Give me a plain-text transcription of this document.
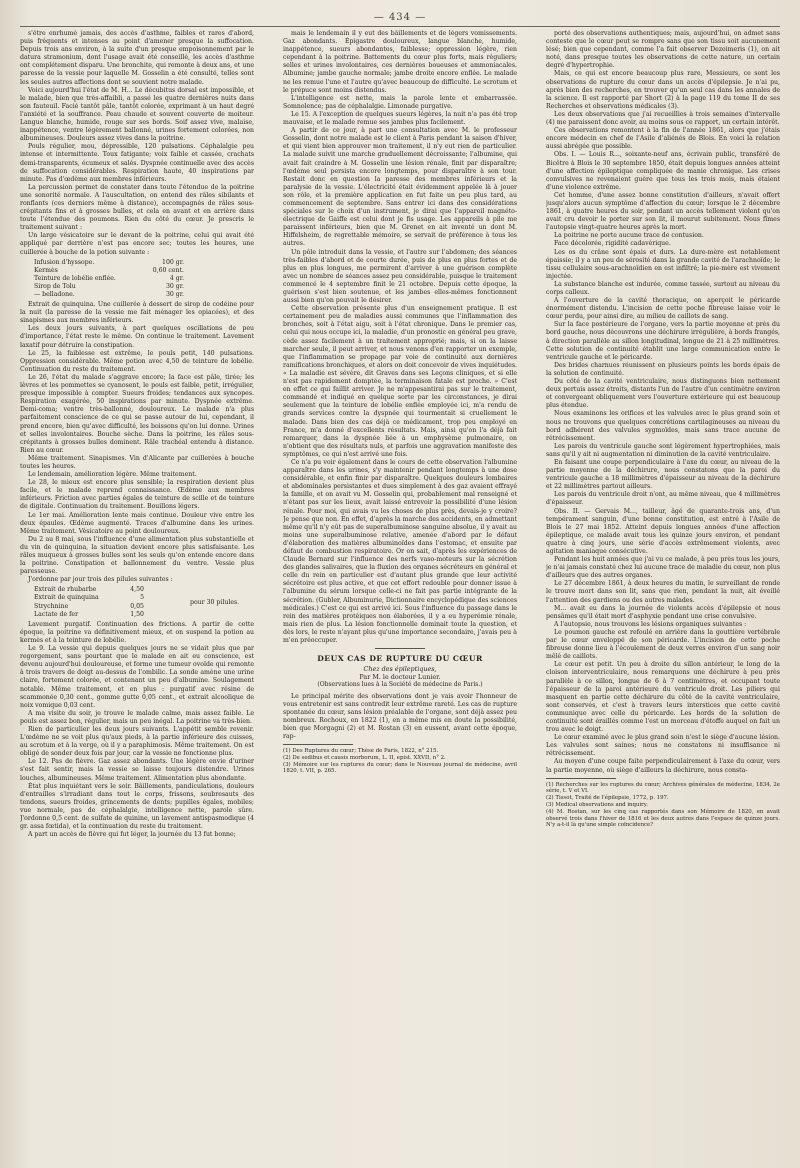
— 434 —

s'être enrhumé jamais, des accès d'asthme, faibles et rares d'abord, puis fréquents et intenses au point d'amener presque la suffocation. Depuis trois ans environ, à la suite d'un presque empoisonnement par le datura stramonium, dont l'usage avait été conseillé, les accès d'asthme ont complétement disparu. Une bronchite, qui remonte à deux ans, et une paresse de la vessie pour laquelle M. Gosselin a été consulté, telles sont les seules autres affections dont se souvient notre malade.

Voici aujourd'hui l'état de M. H... Le décubitus dorsal est impossible, et le malade, bien que très-affaibli, a passé les quatre dernières nuits dans son fauteuil. Facié tantôt pâle, tantôt colorée, exprimant à un haut degré l'anxiété et la souffrance. Peau chaude et souvent couverte de moiteur. Langue blanche, humide, rouge sur ses bords. Soif assez vive, malaise, inappétence, ventre légèrement ballonné, urines fortement colorées, non albumineuses. Douleurs assez vives dans la poitrine.

Pouls régulier, mou, dépressible, 120 pulsations. Céphalalgie peu intense et intermittente. Toux fatigante; voix faible et cassée, crachats demi-transparents, écumeux et salés. Dyspnée continuelle avec des accès de suffocation considérables. Respiration haute, 40 inspirations par minute. Pas d'œdème aux membres inférieurs.

La percussion permet de constater dans toute l'étendue de la poitrine une sonorité normale. A l'auscultation, on entend des râles sibilants et ronflants (ces derniers même à distance), accompagnés de râles sous-crépitants fins et à grosses bulles, et cela en avant et en arrière dans toute l'étendue des poumons. Rien du côté du cœur. Je prescris le traitement suivant :

Un large vésicatoire sur le devant de la poitrine, celui qui avait été appliqué par derrière n'est pas encore sec; toutes les heures, une cuillerée à bouche de la potion suivante :

Infusion d'hyssope.	100 gr.
Kermès	0,60 cent.
Teinture de lobélie enflée.	4 gr.
Sirop de Tolu	30 gr.
— belladone.	30 gr.

Extrait de quinquina. Une cuillerée à dessert de sirop de codéine pour la nuit (la paresse de la vessie me fait ménager les opiacées), et des sinapismes aux membres inférieurs.

Les deux jours suivants, à part quelques oscillations de peu d'importance, l'état reste le même. On continue le traitement. Lavement laxatif pour détruire la constipation.

Le 25, la faiblesse est extrême, le pouls petit, 140 pulsations. Oppression considérable. Même potion avec 4,50 de teinture de lobélie. Continuation du reste du traitement.

Le 26, l'état du malade s'aggrave encore; la face est pâle, tirée; les lèvres et les pommettes se cyanosent, le pouls est faible, petit, irrégulier, presque impossible à compter. Sueurs froides; tendances aux syncopes. Respiration exagérée, 50 inspirations par minute. Dyspnée extrême. Demi-coma; ventre très-ballonné, douloureux. Le malade n'a plus parfaitement conscience de ce qui se passe autour de lui, cependant, il prend encore, bien qu'avec difficulté, les boissons qu'on lui donne. Urines et selles involontaires. Bouche sèche. Dans la poitrine, les râles sous-crépitants à grosses bulles dominent. Râle trachéal entendu à distance. Rien au cœur.

Même traitement. Sinapismes. Vin d'Alicante par cuillerées à bouche toutes les heures.

Le lendemain, amélioration légère. Même traitement.

Le 28, le mieux est encore plus sensible; la respiration devient plus facile, et le malade reprend connaissance. Œdème aux membres inférieurs. Friction avec parties égales de teinture de scille et de teinture de digitale. Continuation du traitement. Bouillons légers.

Le 1er mai. Amélioration lente mais continue. Douleur vive entre les deux épaules. Œdème augmenté. Traces d'albumine dans les urines. Même traitement. Vésicatoire au point douloureux.

Du 2 au 8 mai, sous l'influence d'une alimentation plus substantielle et du vin de quinquina, la situation devient encore plus satisfaisante. Les râles muqueux à grosses bulles sont les seuls qu'on entende encore dans la poitrine. Constipation et ballonnement du ventre. Vessie plus paresseuse.

J'ordonne par jour trois des pilules suivantes :

Extrait de rhubarbe	4,50
Extrait de quinquina	5
Strychnine	0,05
Lactate de fer	1,50
pour 30 pilules.

Lavement purgatif. Continuation des frictions. A partir de cette époque, la poitrine va définitivement mieux, et on suspend la potion au kermès et à la teinture de lobélie.

Le 9. La vessie qui depuis quelques jours ne se vidait plus que par regorgement, sans pourtant que le malade en ait eu conscience, est devenu aujourd'hui douloureuse, et forme une tumeur ovoïde qui remonte à trois travers de doigt au-dessus de l'ombilic. La sonde amène une urine claire, fortement colorée, et contenant un peu d'albumine. Soulagement notable. Même traitement, et en plus : purgatif avec résine de scammonée 0,30 cent., gomme gutte 0,05 cent., et extrait alcoolique de noix vomique 0,03 cent.

A ma visite du soir, je trouve le malade calme, mais assez faible. Le pouls est assez bon, régulier, mais un peu inégal. La poitrine va très-bien.

Rien de particulier les deux jours suivants. L'appétit semble revenir. L'œdème ne se voit plus qu'aux pieds, à la partie inférieure des cuisses, au scrotum et à la verge, où il y a paraphimosis. Même traitement. On est obligé de sonder deux fois par jour, car la vessie ne fonctionne plus.

Le 12. Pas de fièvre. Gaz assez abondants. Une légère envie d'uriner s'est fait sentir, mais la vessie se laisse toujours distendre. Urines louches, albumineuses. Même traitement. Alimentation plus abondante.

État plus inquiétant vers le soir. Bâillements, pandiculations, douleurs d'entrailles s'irradiant dans tout le corps, frissons, soubresauts des tendons, sueurs froides, grincements de dents; pupilles égales, mobiles; vue normale, pas de céphalalgie, intelligence nette, parole sûre. J'ordonne 0,5 cent. de sulfate de quinine, un lavement antispasmodique (4 gr. assa fœtida), et la continuation du reste du traitement.

A part un accès de fièvre qui fut léger, la journée du 13 fut bonne;

mais le lendemain il y eut des bâillements et de légers vomissements. Gaz abondants. Épigastre douloureux, langue blanche, humide, inappétence, sueurs abondantes, faiblesse; oppression légère, rien cependant à la poitrine. Battements du cœur plus forts, mais réguliers; selles et urines involontaires, ces dernières boueuses et ammoniacales. Albumine; jambe gauche normale; jambe droite encore enflée. Le malade ne les remue l'une et l'autre qu'avec beaucoup de difficulté. Le scrotum et le prépuce sont moins distendus.

L'intelligence est nette, mais la parole lente et embarrassée. Somnolence; pas de céphalalgie. Limonade purgative.

Le 15. A l'exception de quelques sueurs légères, la nuit n'a pas été trop mauvaise, et le malade remue ses jambes plus facilement.

A partir de ce jour, à part une consultation avec M. le professeur Gosselin, dont notre malade est le client à Paris pendant la saison d'hiver, et qui vient bien approuver mon traitement, il n'y eut rien de particulier. La malade suivit une marche graduellement décroissante; l'albumine, qui avait fait craindre à M. Gosselin une lésion rénale, finit par disparaître; l'œdème seul persista encore longtemps, pour disparaître à son tour. Restait donc en question la paresse des membres inférieurs et la paralysie de la vessie. L'électricité était évidemment appelée là à jouer son rôle, et la première application en fut faite un peu plus tard, au commencement de septembre. Sans entrer ici dans des considérations spéciales sur le choix d'un instrument, je dirai que l'appareil magnéto-électrique de Gaiffe est celui dont je fis usage. Les appareils à pile me paraissent inférieurs, bien que M. Grenet en ait inventé un dont M. Hiffelsheim, de regrettable mémoire, se servait de préférence à tous les autres.

Un pôle introduit dans la vessie, et l'autre sur l'abdomen; des séances très-faibles d'abord et de courte durée, puis de plus en plus fortes et de plus en plus longues, me permirent d'arriver à une guérison complète avec un nombre de séances assez peu considérable, puisque le traitement commencé le 4 septembre finit le 21 octobre. Depuis cette époque, la guérison s'est bien soutenue, et les jambes elles-mêmes fonctionnent aussi bien qu'on pouvait le désirer.

Cette observation présente plus d'un enseignement pratique. Il est certainement peu de maladies aussi communes que l'inflammation des bronches, soit à l'état aigu, soit à l'état chronique. Dans le premier cas, celui qui nous occupe ici, la maladie, d'un pronostic en général peu grave, cède assez facilement à un traitement approprié; mais, si on la laisse marcher seule, il peut arriver, et nous venons d'en rapporter un exemple, que l'inflammation se propage par voie de continuité aux dernières ramifications bronchiques, et alors on doit concevoir de vives inquiétudes. « La maladie est sévère, dit Graves dans ses Leçons cliniques, et si elle n'est pas rapidement domptée, la terminaison fatale est proche. » C'est en effet ce qui faillit arriver. Je ne m'appesantirai pas sur le traitement, commandé et indiqué en quelque sorte par les circonstances, je dirai seulement que la teinture de lobélie enflée employée ici, m'a rendu de grands services contre la dyspnée qui tourmentait si cruellement le malade. Dans bien des cas déjà ce médicament, trop peu employé en France, m'a donné d'excellents résultats. Mais, ainsi qu'on l'a déjà fait remarquer, dans la dyspnée liée à un emphysème pulmonaire, on n'obtient que des résultats nuls, et parfois une aggravation manifeste des symptômes, ce qui n'est arrivé une fois.

Ce n'a pu voir également dans le cours de cette observation l'albumine apparaître dans les urines, s'y maintenir pendant longtemps à une dose considérable, et enfin finir par disparaître. Quelques douleurs lombaires et abdominales persistantes et dues simplement à des gaz avaient effrayé la famille, et on avait vu M. Gosselin qui, probablement mal renseigné et n'étant pas sur les lieux, avait laissé entrevoir la possibilité d'une lésion rénale. Pour moi, qui avais vu les choses de plus près, devais-je y croire? Je pense que non. En effet, d'après la marche des accidents, en admettant même qu'il n'y eût pas de superalbuminose sanguine absolue, il y avait au moins une superalbuminose relative, amenée d'abord par le défaut d'élaboration des matières albuminoïdes dans l'estomac, et ensuite par défaut de combustion respiratoire. Or on sait, d'après les expériences de Claude Bernard sur l'influence des nerfs vaso-moteurs sur la sécrétion des glandes salivaires, que la fluxion des organes sécréteurs en général et celle du rein en particulier est d'autant plus grande que leur activité sécrétoire est plus active, et que cet effort redouble pour donner issue à l'albumine du sérum lorsque celle-ci ne fait pas partie intégrante de la sécrétion. (Gubler, Albuminurie, Dictionnaire encyclopédique des sciences médicales.) C'est ce qui est arrivé ici. Sous l'influence du passage dans le rein des matières protéiques non élaborées, il y a eu hyperémie rénale, mais rien de plus. La lésion fonctionnelle dominait toute la question, et dès lors, le reste n'ayant plus qu'une importance secondaire, j'avais peu à m'en préoccuper.

DEUX CAS DE RUPTURE DU CŒUR
Chez des épileptiques,
Par M. le docteur Lunier.
(Observations lues à la Société de médecine de Paris.)

Le principal mérite des observations dont je vais avoir l'honneur de vous entretenir est sans contredit leur extrême rareté. Les cas de rupture spontanée du cœur, sans lésion préalable de l'organe, sont déjà assez peu nombreux. Rochoux, en 1822 (1), en a même mis en doute la possibilité, bien que Morgagni (2) et M. Rostan (3) en eussent, avant cette époque, rap-

(1) Des Ruptures du cœur; Thèse de Paris, 1822, n° 215.

(2) De sedibus et causis morborum, L. II, epist. XXVII, n° 2.

(3) Mémoire sur les ruptures du cœur; dans le Nouveau journal de médecine, avril 1820, t. VII, p. 265.

porté des observations authentiques; mais, aujourd'hui, on admet sans conteste que le cœur peut se rompre sans que son tissu soit aucunement lésé; bien que cependant, comme l'a fait observer Dezeimeris (1), on ait noté, dans presque toutes les observations de cette nature, un certain degré d'hypertrophie.

Mais, ce qui est encore beaucoup plus rare, Messieurs, ce sont les observations de rupture du cœur dans un accès d'épilepsie. Je n'ai pu, après bien des recherches, en trouver qu'un seul cas dans les annales de la science. Il est rapporté par Short (2) à la page 119 du tome II de ses Recherches et observations médicales (3).

Les deux observations que j'ai recueillies à trois semaines d'intervalle (4) me paraissent donc avoir, au moins sous ce rapport, un certain intérêt.

Ces observations remontent à la fin de l'année 1861, alors que j'étais encore médecin en chef de l'Asile d'aliénés de Blois. En voici la relation aussi abrégée que possible.

Obs. I. — Louis R..., soixante-neuf ans, écrivain public, transféré de Bicêtre à Blois le 30 septembre 1850, était depuis longues années atteint d'une affection épileptique compliquée de manie chronique. Les crises convulsives ne revenaient guère que tous les trois mois, mais étaient d'une violence extrême.

Cet homme, d'une assez bonne constitution d'ailleurs, n'avait offert jusqu'alors aucun symptôme d'affection du cœur; lorsque le 2 décembre 1861, à quatre heures du soir, pendant un accès tellement violent qu'on avait cru devoir le porter sur son lit, il mourut subitement. Nous fîmes l'autopsie vingt-quatre heures après la mort.

La poitrine ne porte aucune trace de contusion.

Face décolorée, rigidité cadavérique.

Les os du crâne sont épais et durs. La dure-mère est notablement épaissie; il y a un peu de sérosité dans la grande cavité de l'arachnoïde; le tissu cellulaire sous-arachnoïdien en est infiltré; la pie-mère est vivement injectée.

La substance blanche est indurée, comme tassée, surtout au niveau du corps calleux.

A l'ouverture de la cavité thoracique, on aperçoit le péricarde énormément distendu. L'incision de cette poche fibreuse laisse voir le cœur perdu, pour ainsi dire, au milieu de caillots de sang.

Sur la face postérieure de l'organe, vers la partie moyenne et près du bord gauche, nous découvrons une déchirure irrégulière, à bords frangés, à direction parallèle au sillon longitudinal, longue de 21 à 25 millimètres. Cette solution de continuité établit une large communication entre le ventricule gauche et le péricarde.

Des brides charnues réunissent en plusieurs points les bords épais de la solution de continuité.

Du côté de la cavité ventriculaire, nous distinguons bien nettement deux pertuis assez étroits, distants l'un de l'autre d'un centimètre environ et convergeant obliquement vers l'ouverture extérieure qui est beaucoup plus étendue.

Nous examinons les orifices et les valvules avec le plus grand soin et nous ne trouvons que quelques concrétions cartilagineuses au niveau du bord adhérent des valvules sygmoïdes, mais sans trace aucune de rétrécissement.

Les parois du ventricule gauche sont légèrement hypertrophiées, mais sans qu'il y ait ni augmentation ni diminution de la cavité ventriculaire.

En faisant une coupe perpendiculaire à l'axe du cœur, au niveau de la partie moyenne de la déchirure, nous constatons que la paroi du ventricule gauche a 18 millimètres d'épaisseur au niveau de la déchirure et 22 millimètres partout ailleurs.

Les parois du ventricule droit n'ont, au même niveau, que 4 millimètres d'épaisseur.

Obs. II. — Gervais M..., tailleur, âgé de quarante-trois ans, d'un tempérament sanguin, d'une bonne constitution, est entré à l'Asile de Blois le 27 mai 1852. Atteint depuis longues années d'une affection épileptique, ce malade avait tous les quinze jours environ, et pendant quatre à cinq jours, une série d'accès extrêmement violents, avec agitation maniaque consécutive.

Pendant les huit années que j'ai vu ce malade, à peu près tous les jours, je n'ai jamais constaté chez lui aucune trace de maladie du cœur, non plus d'ailleurs que des autres organes.

Le 27 décembre 1861, à deux heures du matin, le surveillant de ronde le trouve mort dans son lit, sans que rien, pendant la nuit, ait éveillé l'attention des gardiens ou des autres malades.

M... avait eu dans la journée de violents accès d'épilepsie et nous pensâmes qu'il était mort d'asphyxie pendant une crise convulsive.

A l'autopsie, nous trouvons les lésions organiques suivantes :

Le poumon gauche est refoulé en arrière dans la gouttière vertébrale par le cœur enveloppé de son péricarde. L'incision de cette poche fibreuse donne lieu à l'écoulement de deux verres environ d'un sang noir mêlé de caillots.

Le cœur est petit. Un peu à droite du sillon antérieur, le long de la cloison interventriculaire, nous remarquons une déchirure à peu près parallèle à ce sillon, longue de 6 à 7 centimètres, et occupant toute l'épaisseur de la paroi antérieure du ventricule droit. Les piliers qui masquent en partie cette déchirure du côté de la cavité ventriculaire, sont conservés, et c'est à travers leurs interstices que cette cavité communique avec celle du péricarde. Les bords de la solution de continuité sont éraillés comme l'est un morceau d'étoffe auquel on fait un trou avec le doigt.

Le cœur examiné avec le plus grand soin n'est le siège d'aucune lésion. Les valvules sont saines; nous ne constatons ni insuffisance ni rétrécissement.

Au moyen d'une coupe faite perpendiculairement à l'axe du cœur, vers la partie moyenne, où siège d'ailleurs la déchirure, nous consta-

(1) Recherches sur les ruptures du cœur; Archives générales de médecine, 1834, 2e série, t. V et VI.

(2) Tissot, Traité de l'épilepsie, 1772, p. 197.

(3) Medical observations and inquiry.

(4) M. Rostan, sur les cinq cas rapportés dans son Mémoire de 1820, en avait observé trois dans l'hiver de 1816 et les deux autres dans l'espace de quinze jours. N'y a-t-il là qu'une simple coïncidence?
